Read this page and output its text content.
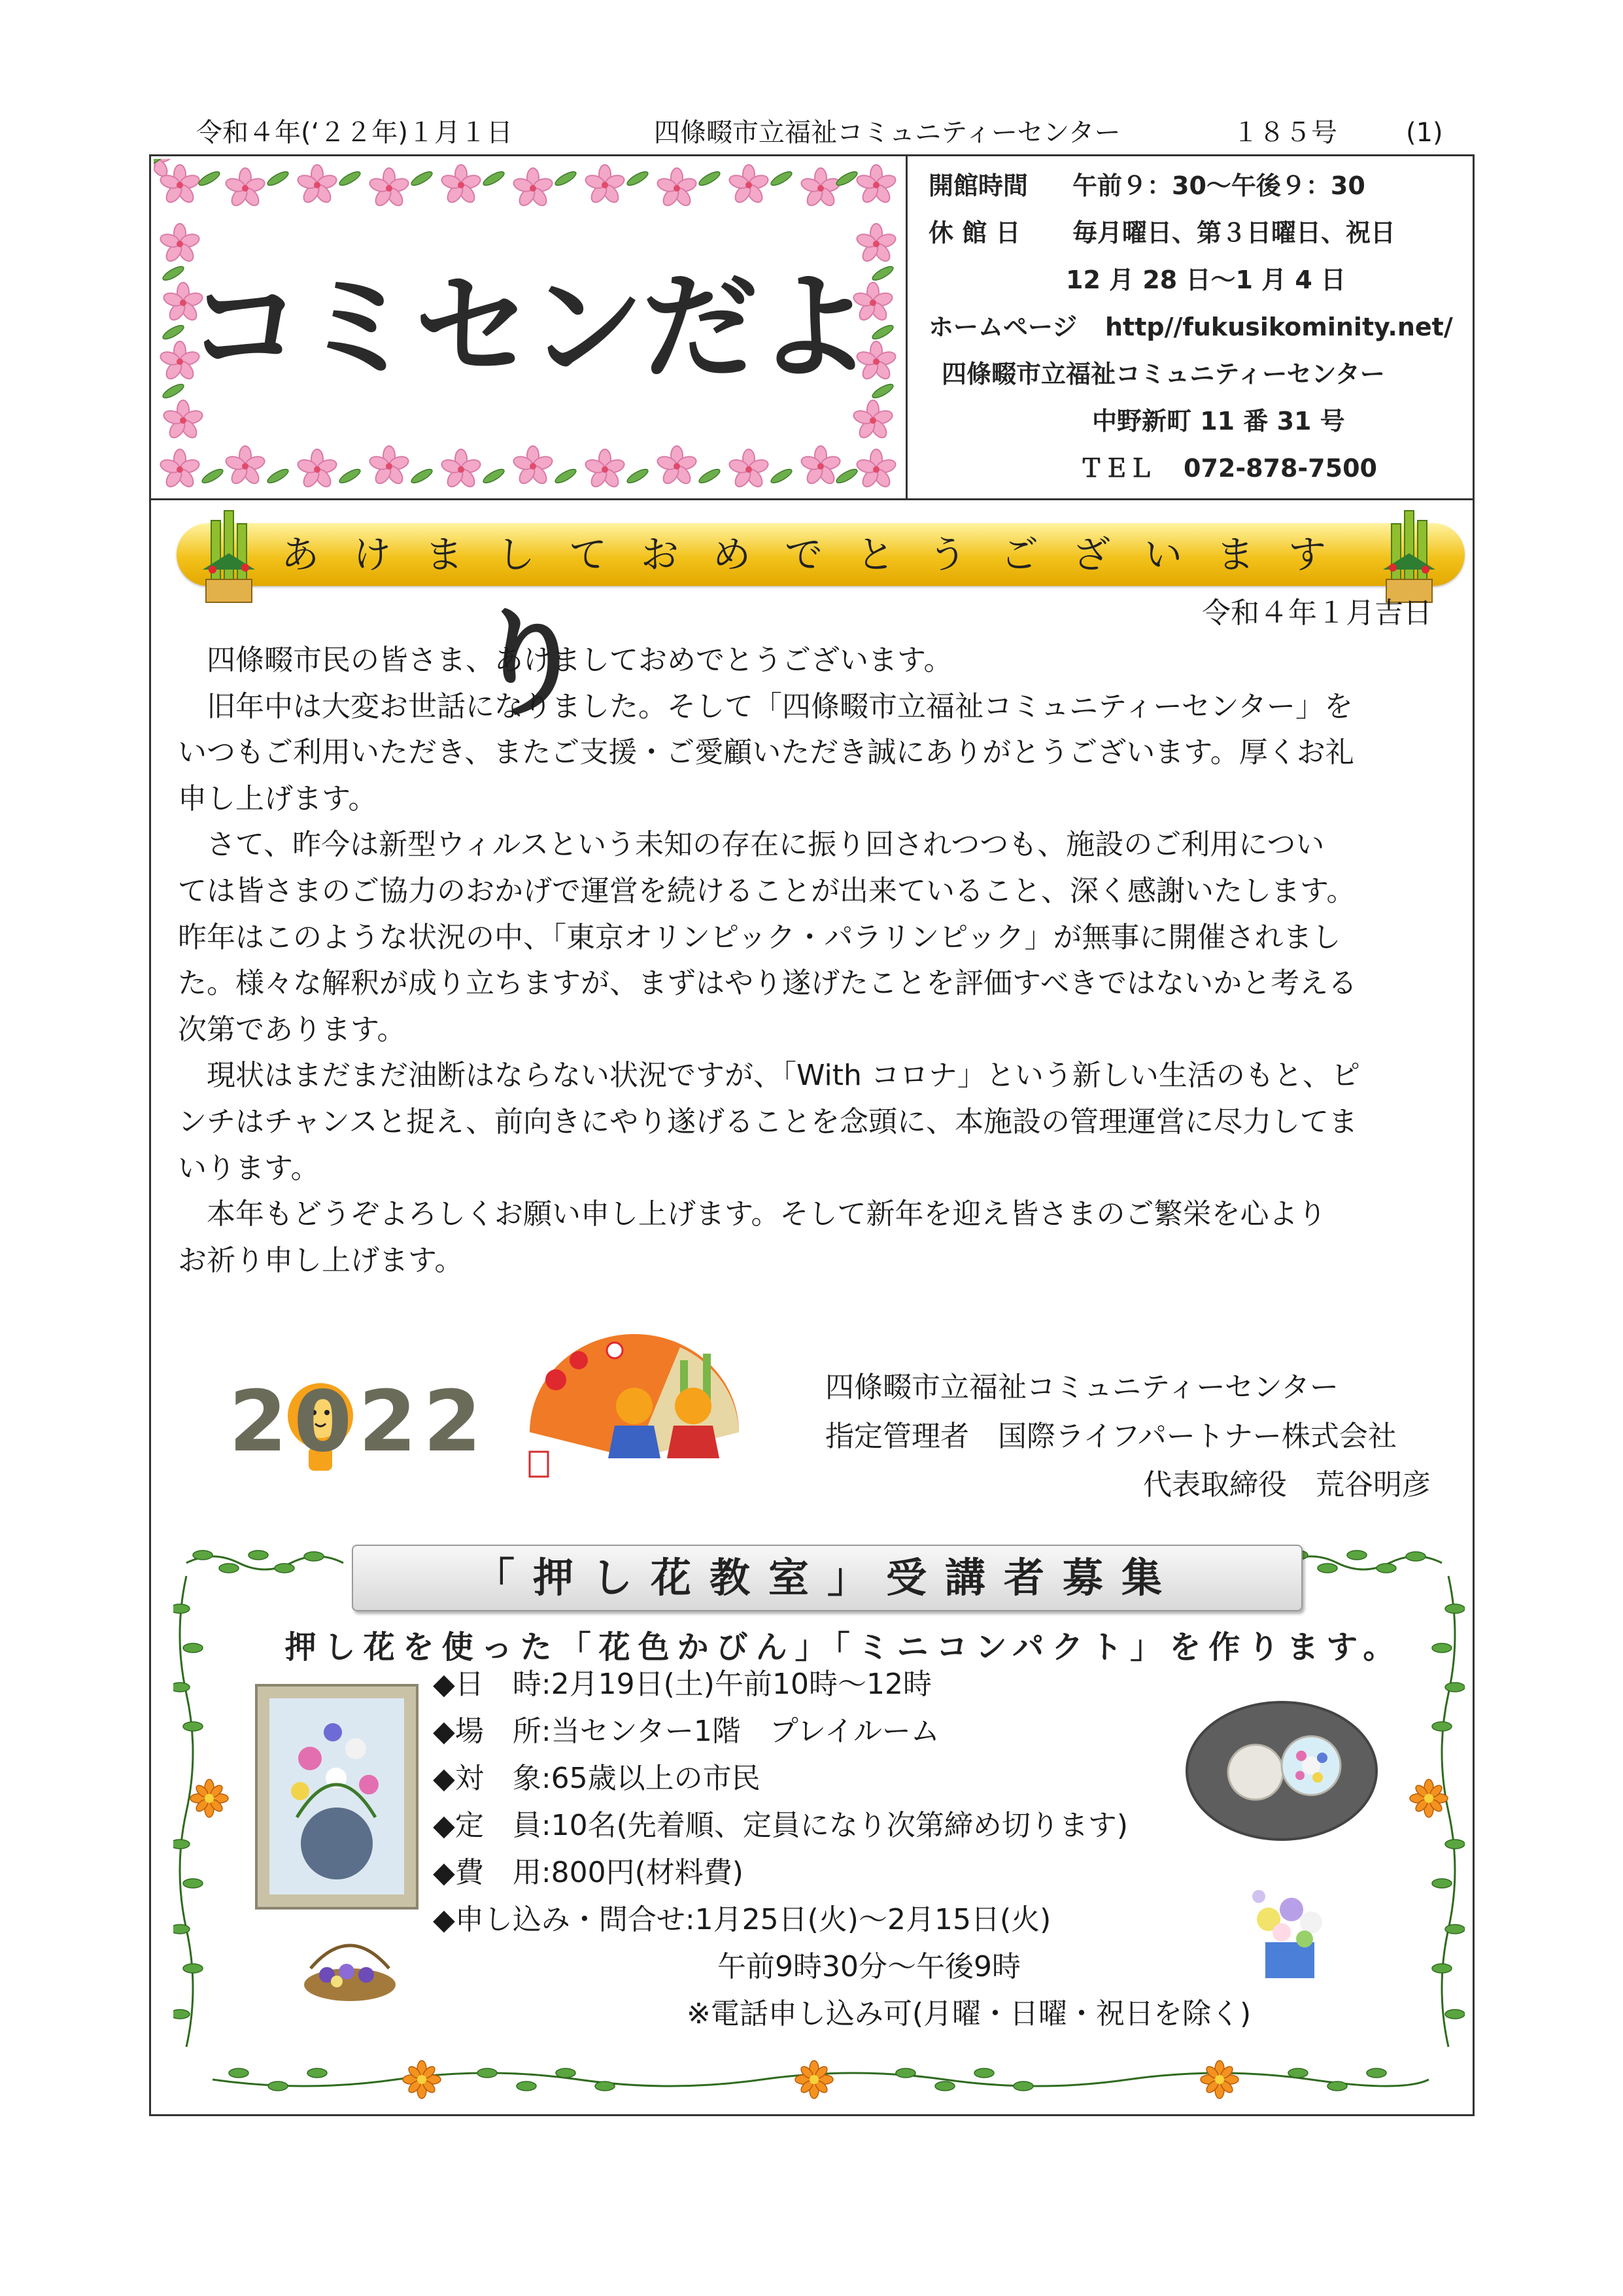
令和４年(‘２２年)１月１日	四條畷市立福祉コミュニティーセンター	１８５号	(1)
コミセンだより
開館時間 午前９：30～午後９：30
休 館 日 毎月曜日、第３日曜日、祝日
12 月 28 日～1 月 4 日
ホームページ http//fukusikominity.net/
四條畷市立福祉コミュニティーセンター
中野新町 11 番 31 号
ＴＥＬ 072-878-7500
あけましておめでとうございます
令和４年１月吉日

　四條畷市民の皆さま、あけましておめでとうございます。

　旧年中は大変お世話になりました。そして「四條畷市立福祉コミュニティーセンター」を

いつもご利用いただき、またご支援・ご愛顧いただき誠にありがとうございます。厚くお礼

申し上げます。

　さて、昨今は新型ウィルスという未知の存在に振り回されつつも、施設のご利用につい

ては皆さまのご協力のおかげで運営を続けることが出来ていること、深く感謝いたします。

昨年はこのような状況の中、「東京オリンピック・パラリンピック」が無事に開催されまし

た。様々な解釈が成り立ちますが、まずはやり遂げたことを評価すべきではないかと考える

次第であります。

　現状はまだまだ油断はならない状況ですが、「With コロナ」という新しい生活のもと、ピ

ンチはチャンスと捉え、前向きにやり遂げることを念頭に、本施設の管理運営に尽力してま

いります。

　本年もどうぞよろしくお願い申し上げます。そして新年を迎え皆さまのご繁栄を心より

お祈り申し上げます。

2022	四條畷市立福祉コミュニティーセンター
指定管理者　国際ライフパートナー株式会社
代表取締役　荒谷明彦
「押し花教室」受講者募集
押し花を使った「花色かびん」「ミニコンパクト」を作ります。
◆日　時:2月19日(土)午前10時～12時
◆場　所:当センター1階　プレイルーム
◆対　象:65歳以上の市民
◆定　員:10名(先着順、定員になり次第締め切ります)
◆費　用:800円(材料費)
◆申し込み・問合せ:1月25日(火)～2月15日(火)
午前9時30分～午後9時
※電話申し込み可(月曜・日曜・祝日を除く)
